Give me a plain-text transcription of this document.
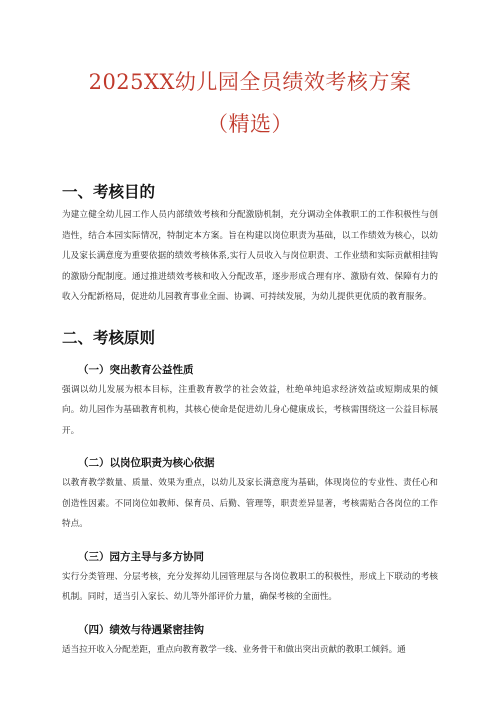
2025XX幼儿园全员绩效考核方案
（精选）
一、考核目的

为建立健全幼儿园工作人员内部绩效考核和分配激励机制，充分调动全体教职工的工作积极性与创造性，结合本园实际情况，特制定本方案。旨在构建以岗位职责为基础，以工作绩效为核心，以幼儿及家长满意度为重要依据的绩效考核体系,实行人员收入与岗位职责、工作业绩和实际贡献相挂钩的激励分配制度。通过推进绩效考核和收入分配改革，逐步形成合理有序、激励有效、保障有力的收入分配新格局，促进幼儿园教育事业全面、协调、可持续发展，为幼儿提供更优质的教育服务。

二、考核原则
（一）突出教育公益性质

强调以幼儿发展为根本目标，注重教育教学的社会效益，杜绝单纯追求经济效益或短期成果的倾向。幼儿园作为基础教育机构，其核心使命是促进幼儿身心健康成长，考核需围绕这一公益目标展开。

（二）以岗位职责为核心依据

以教育教学数量、质量、效果为重点，以幼儿及家长满意度为基础，体现岗位的专业性、责任心和创造性因素。不同岗位如教师、保育员、后勤、管理等，职责差异显著，考核需贴合各岗位的工作特点。

（三）园方主导与多方协同

实行分类管理、分层考核，充分发挥幼儿园管理层与各岗位教职工的积极性，形成上下联动的考核机制。同时，适当引入家长、幼儿等外部评价力量，确保考核的全面性。

（四）绩效与待遇紧密挂钩

适当拉开收入分配差距，重点向教育教学一线、业务骨干和做出突出贡献的教职工倾斜。通
